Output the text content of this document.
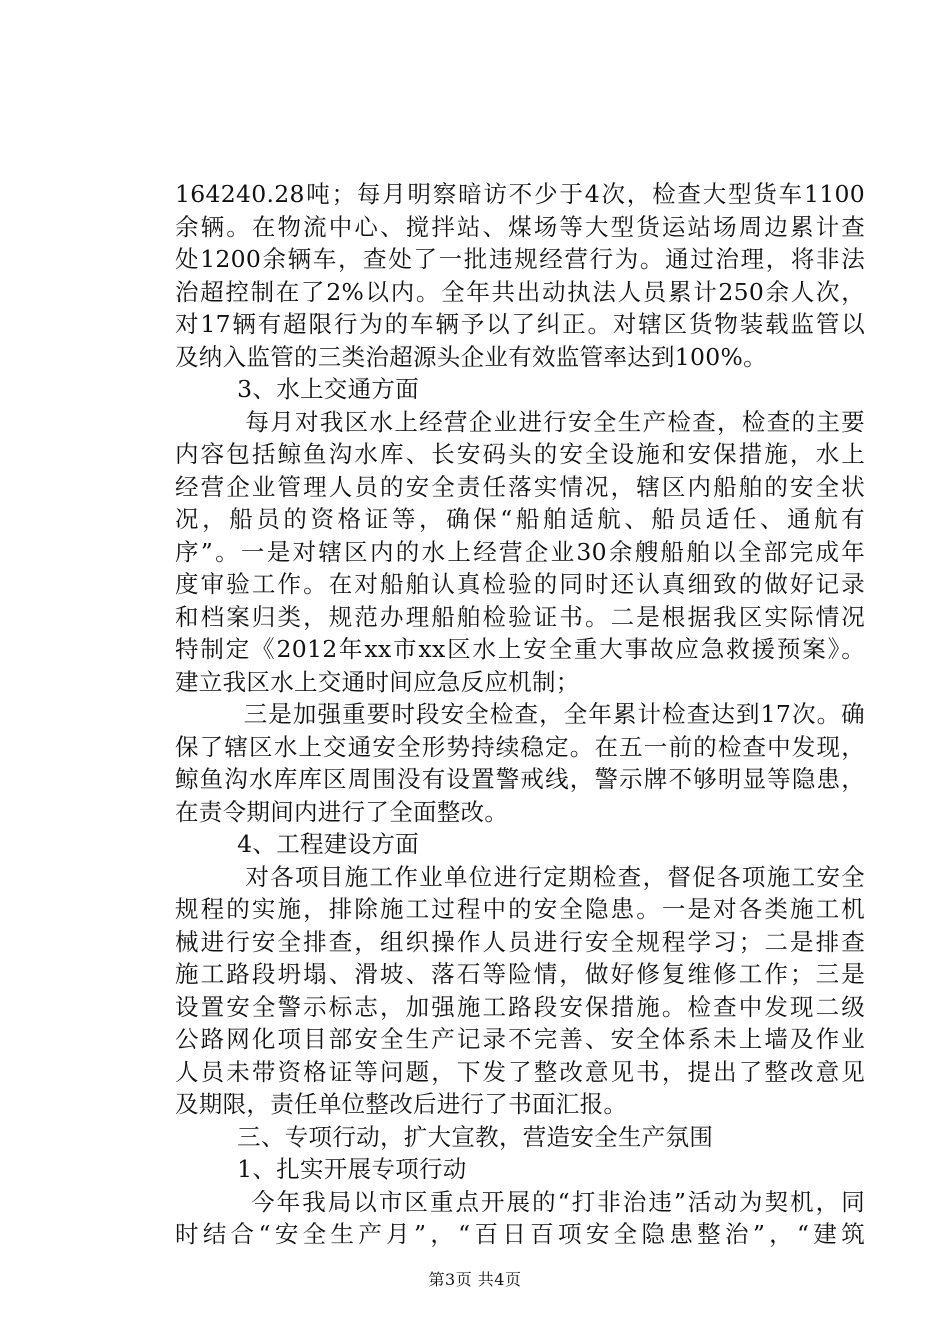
164240.28吨；每月明察暗访不少于4次，检查大型货车1100
余辆。在物流中心、搅拌站、煤场等大型货运站场周边累计查
处1200余辆车，查处了一批违规经营行为。通过治理，将非法
治超控制在了2%以内。全年共出动执法人员累计250余人次，
对17辆有超限行为的车辆予以了纠正。对辖区货物装载监管以
及纳入监管的三类治超源头企业有效监管率达到100%。
3、水上交通方面
每月对我区水上经营企业进行安全生产检查，检查的主要
内容包括鲸鱼沟水库、长安码头的安全设施和安保措施，水上
经营企业管理人员的安全责任落实情况，辖区内船舶的安全状
况，船员的资格证等，确保“船舶适航、船员适任、通航有
序”。一是对辖区内的水上经营企业30余艘船舶以全部完成年
度审验工作。在对船舶认真检验的同时还认真细致的做好记录
和档案归类，规范办理船舶检验证书。二是根据我区实际情况
特制定《2012年xx市xx区水上安全重大事故应急救援预案》。
建立我区水上交通时间应急反应机制；
三是加强重要时段安全检查，全年累计检查达到17次。确
保了辖区水上交通安全形势持续稳定。在五一前的检查中发现，
鲸鱼沟水库库区周围没有设置警戒线，警示牌不够明显等隐患，
在责令期间内进行了全面整改。
4、工程建设方面
对各项目施工作业单位进行定期检查，督促各项施工安全
规程的实施，排除施工过程中的安全隐患。一是对各类施工机
械进行安全排查，组织操作人员进行安全规程学习；二是排查
施工路段坍塌、滑坡、落石等险情，做好修复维修工作；三是
设置安全警示标志，加强施工路段安保措施。检查中发现二级
公路网化项目部安全生产记录不完善、安全体系未上墙及作业
人员未带资格证等问题，下发了整改意见书，提出了整改意见
及期限，责任单位整改后进行了书面汇报。
三、专项行动，扩大宣教，营造安全生产氛围
1、扎实开展专项行动
今年我局以市区重点开展的“打非治违”活动为契机，同
时结合“安全生产月”，“百日百项安全隐患整治”，“建筑
第3页 共4页
